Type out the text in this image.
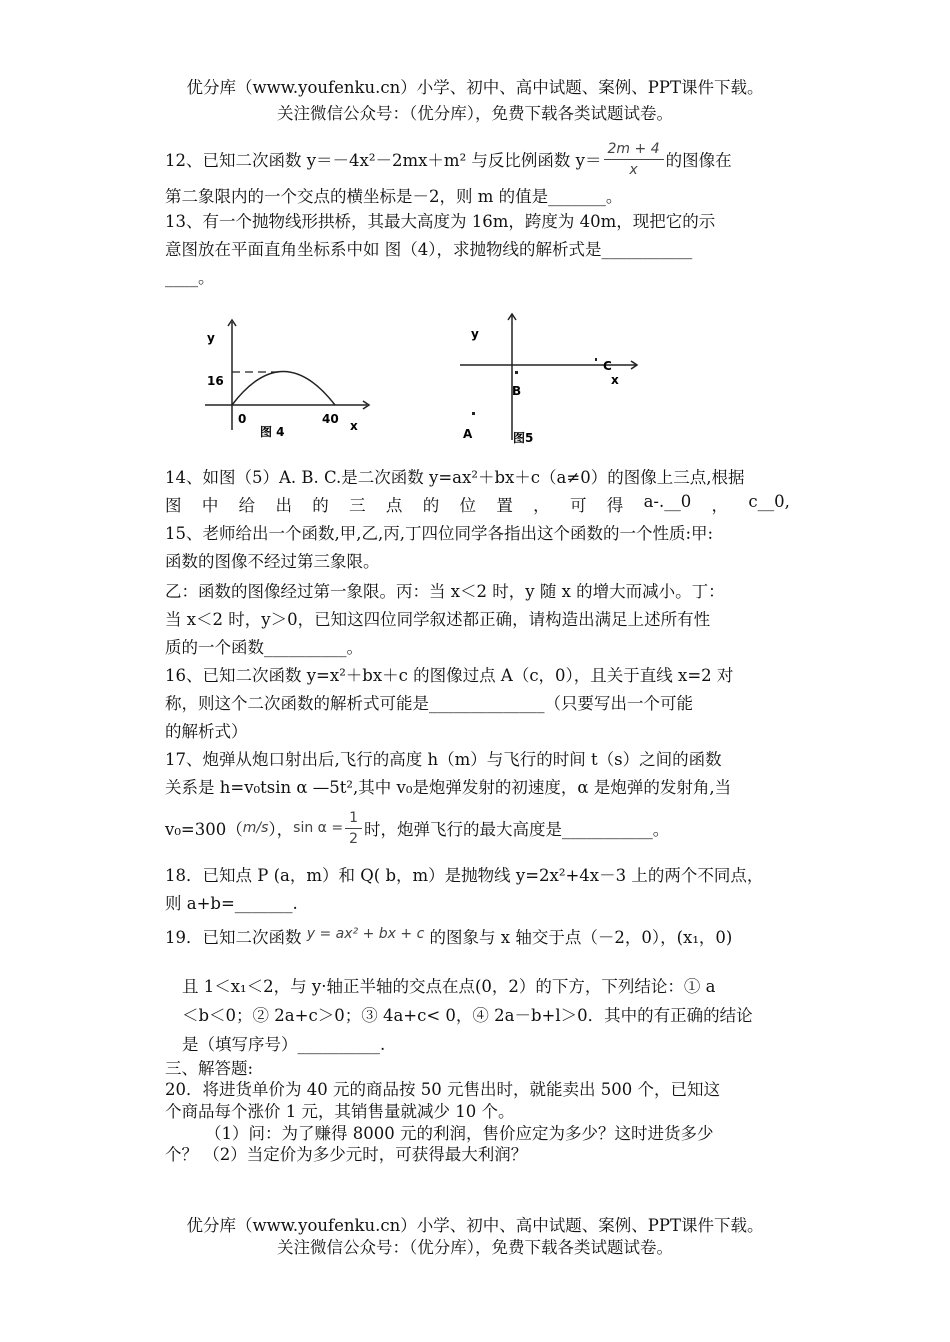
优分库（www.youfenku.cn）小学、初中、高中试题、案例、PPT课件下载。
关注微信公众号：（优分库），免费下载各类试题试卷。
12、已知二次函数 y＝－4x²－2mx＋m² 与反比例函数 $y= \frac{2m + 4}{x}$ 的图像在
第二象限内的一个交点的横坐标是－2，则 m 的值是_______。
13、有一个抛物线形拱桥，其最大高度为 16m，跨度为 40m，现把它的示
意图放在平面直角坐标系中如 图（4），求抛物线的解析式是___________
____。
y
16
0	40 x
图 4
y
A
B
C
x
图5
14、如图（5）A. B. C.是二次函数 y=ax²＋bx＋c（a≠0）的图像上三点,根据
图 中 给 出 的 三 点 的 位 置 ， 可 得 a-.__0 ， c__0,
15、老师给出一个函数,甲,乙,丙,丁四位同学各指出这个函数的一个性质:甲:
函数的图像不经过第三象限。
乙：函数的图像经过第一象限。丙：当 x＜2 时，y 随 x 的增大而减小。丁：
当 x＜2 时，y＞0，已知这四位同学叙述都正确，请构造出满足上述所有性
质的一个函数__________。
16、已知二次函数 y=x²＋bx＋c 的图像过点 A（c，0），且关于直线 x=2 对
称，则这个二次函数的解析式可能是______________（只要写出一个可能
的解析式）
17、炮弹从炮口射出后,飞行的高度 h（m）与飞行的时间 t（s）之间的函数
关系是 h=v₀tsin α —5t²,其中 v₀是炮弹发射的初速度，α 是炮弹的发射角,当
v₀=300（ m/s ）， $\sin \alpha = \frac{1}{2}$ 时，炮弹飞行的最大高度是___________。
18．已知点 P (a，m）和 Q( b，m）是抛物线 y=2x²+4x－3 上的两个不同点，
则 a+b=_______.
19．已知二次函数 $^{y = ax^2 + bx + c}$ 的图象与 x 轴交于点（－2，0），(x₁，0)
且 1＜x₁＜2，与 y·轴正半轴的交点在点(0，2）的下方，下列结论：① a
＜b＜0；② 2a+c＞0；③ 4a+c< 0，④ 2a－b+l＞0．其中的有正确的结论
是（填写序号）__________.
三、解答题:
20．将进货单价为 40 元的商品按 50 元售出时，就能卖出 500 个，已知这
个商品每个涨价 1 元，其销售量就减少 10 个。
（1）问：为了赚得 8000 元的利润，售价应定为多少？这时进货多少
个？ （2）当定价为多少元时，可获得最大利润？
优分库（www.youfenku.cn）小学、初中、高中试题、案例、PPT课件下载。
关注微信公众号：（优分库），免费下载各类试题试卷。
